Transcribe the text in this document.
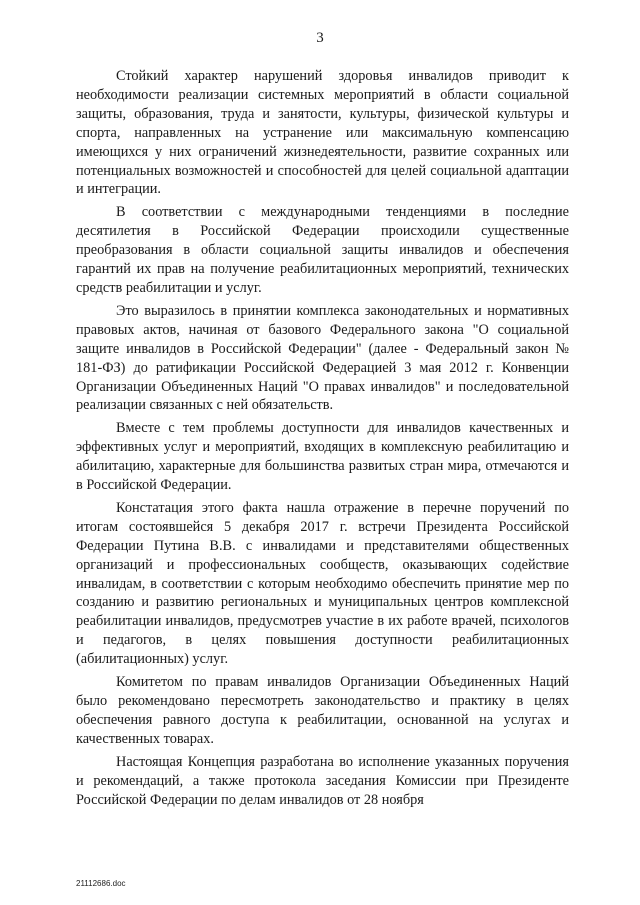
3

Стойкий характер нарушений здоровья инвалидов приводит к необходимости реализации системных мероприятий в области социальной защиты, образования, труда и занятости, культуры, физической культуры и спорта, направленных на устранение или максимальную компенсацию имеющихся у них ограничений жизнедеятельности, развитие сохранных или потенциальных возможностей и способностей для целей социальной адаптации и интеграции.

В соответствии с международными тенденциями в последние десятилетия в Российской Федерации происходили существенные преобразования в области социальной защиты инвалидов и обеспечения гарантий их прав на получение реабилитационных мероприятий, технических средств реабилитации и услуг.

Это выразилось в принятии комплекса законодательных и нормативных правовых актов, начиная от базового Федерального закона "О социальной защите инвалидов в Российской Федерации" (далее - Федеральный закон № 181-ФЗ) до ратификации Российской Федерацией 3 мая 2012 г. Конвенции Организации Объединенных Наций "О правах инвалидов" и последовательной реализации связанных с ней обязательств.

Вместе с тем проблемы доступности для инвалидов качественных и эффективных услуг и мероприятий, входящих в комплексную реабилитацию и абилитацию, характерные для большинства развитых стран мира, отмечаются и в Российской Федерации.

Констатация этого факта нашла отражение в перечне поручений по итогам состоявшейся 5 декабря 2017 г. встречи Президента Российской Федерации Путина В.В. с инвалидами и представителями общественных организаций и профессиональных сообществ, оказывающих содействие инвалидам, в соответствии с которым необходимо обеспечить принятие мер по созданию и развитию региональных и муниципальных центров комплексной реабилитации инвалидов, предусмотрев участие в их работе врачей, психологов и педагогов, в целях повышения доступности реабилитационных (абилитационных) услуг.

Комитетом по правам инвалидов Организации Объединенных Наций было рекомендовано пересмотреть законодательство и практику в целях обеспечения равного доступа к реабилитации, основанной на услугах и качественных товарах.

Настоящая Концепция разработана во исполнение указанных поручения и рекомендаций, а также протокола заседания Комиссии при Президенте Российской Федерации по делам инвалидов от 28 ноября

21112686.doc
